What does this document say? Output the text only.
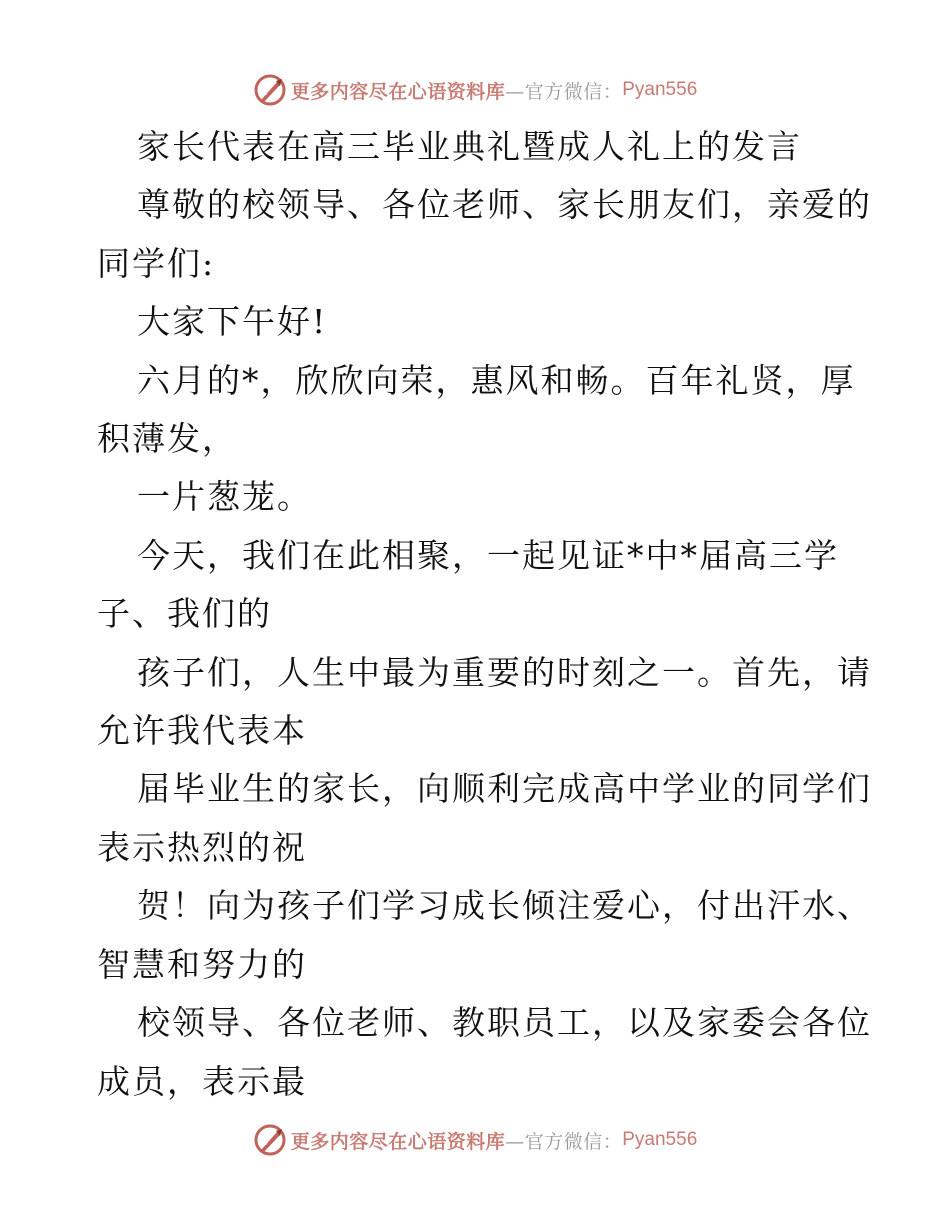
更多内容尽在心语资料库 —官方微信： Pyan556

家长代表在高三毕业典礼暨成人礼上的发言

尊敬的校领导、各位老师、家长朋友们，亲爱的

同学们:

大家下午好!

六月的*，欣欣向荣，惠风和畅。百年礼贤，厚

积薄发，

一片葱茏。

今天，我们在此相聚，一起见证*中*届高三学

子、我们的

孩子们，人生中最为重要的时刻之一。首先，请

允许我代表本

届毕业生的家长，向顺利完成高中学业的同学们

表示热烈的祝

贺！向为孩子们学习成长倾注爱心，付出汗水、

智慧和努力的

校领导、各位老师、教职员工，以及家委会各位

成员，表示最

更多内容尽在心语资料库 —官方微信： Pyan556
